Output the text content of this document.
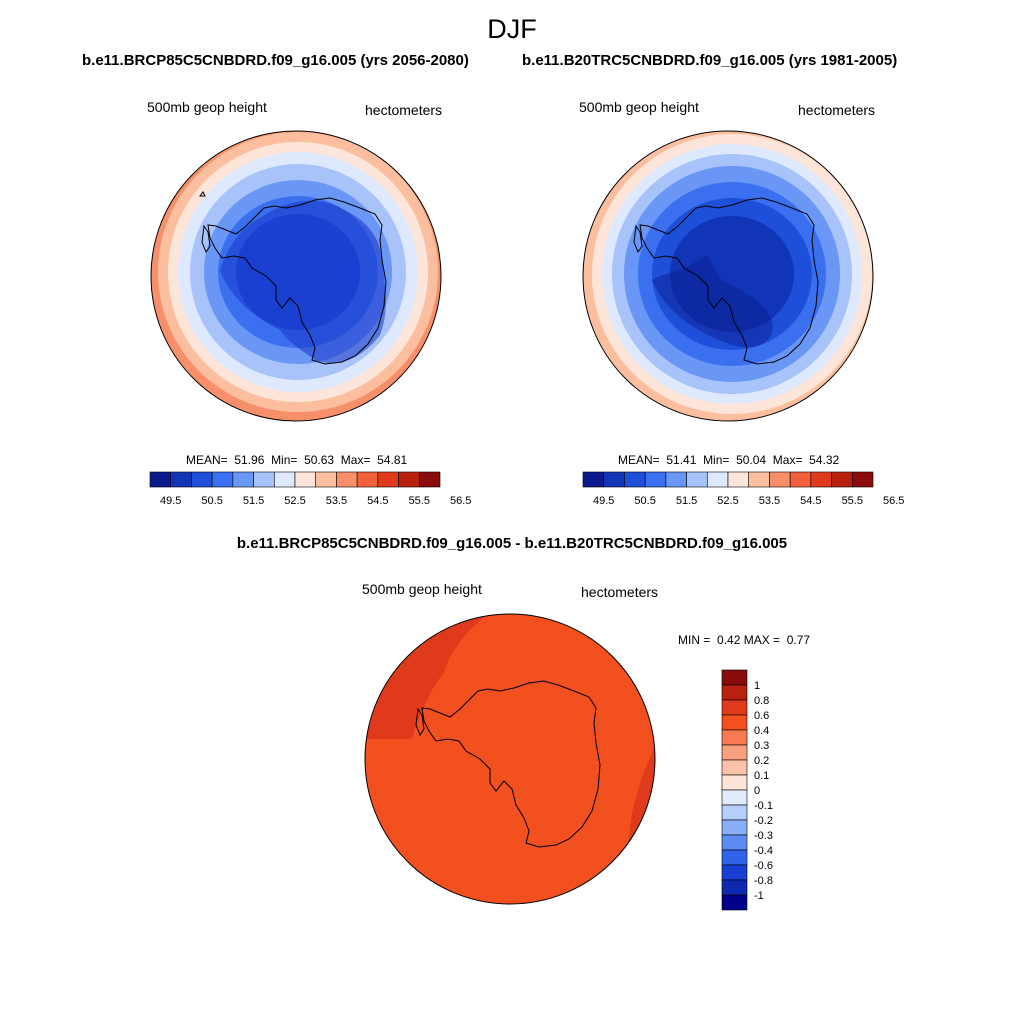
DJF
b.e11.BRCP85C5CNBDRD.f09_g16.005 (yrs 2056-2080)	b.e11.B20TRC5CNBDRD.f09_g16.005 (yrs 1981-2005)
500mb geop height	hectometers	500mb geop height	hectometers
MEAN= 51.96 Min= 50.63 Max= 54.81	MEAN= 51.41 Min= 50.04 Max= 54.32
49.5 50.5 51.5 52.5 53.5 54.5 55.5 56.5	49.5 50.5 51.5 52.5 53.5 54.5 55.5 56.5
b.e11.BRCP85C5CNBDRD.f09_g16.005 - b.e11.B20TRC5CNBDRD.f09_g16.005
500mb geop height	hectometers
MIN = 0.42 MAX = 0.77
1
0.8
0.6
0.4
0.3
0.2
0.1
0
-0.1
-0.2
-0.3
-0.4
-0.6
-0.8
-1
